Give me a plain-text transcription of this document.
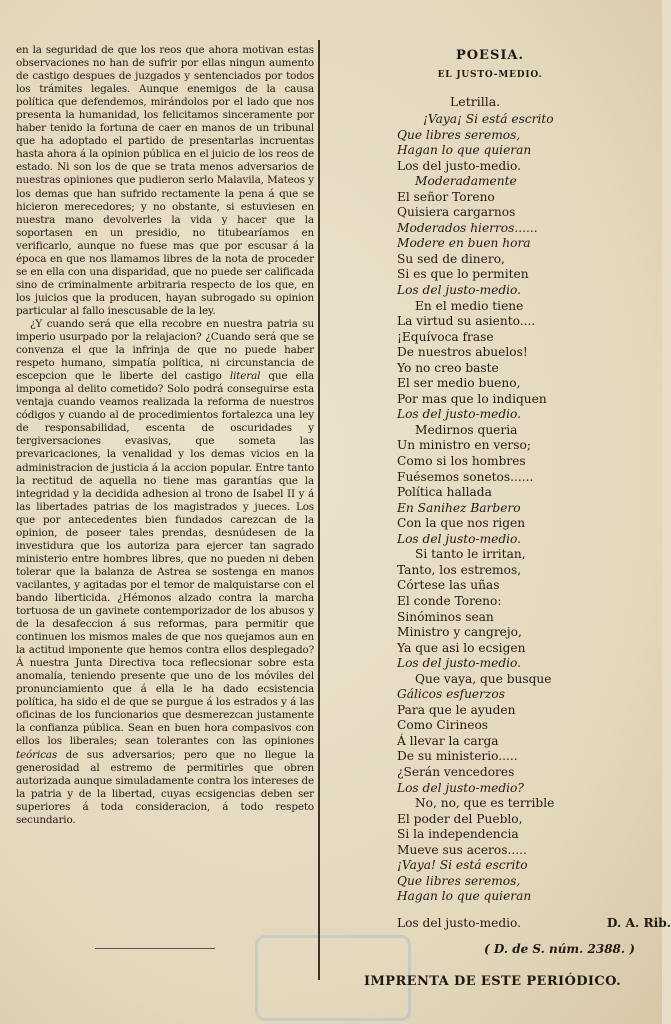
en la seguridad de que los reos que ahora motivan estas observaciones no han de sufrir por ellas ningun aumento de castigo despues de juzgados y sentenciados por todos los trámites legales. Aunque enemigos de la causa política que defendemos, mirándolos por el lado que nos presenta la humanidad, los felicitamos sinceramente por haber tenido la fortuna de caer en manos de un tribunal que ha adoptado el partido de presentarlas incruentas hasta ahora á la opinion pública en el juicio de los reos de estado. Ni son los de que se trata menos adversarios de nuestras opiniones que pudieron serlo Malavila, Mateos y los demas que han sufrido rectamente la pena á que se hicieron merecedores; y no obstante, si estuviesen en nuestra mano devolverles la vida y hacer que la soportasen en un presidio, no titubearíamos en verificarlo, aunque no fuese mas que por escusar á la época en que nos llamamos libres de la nota de proceder se en ella con una disparidad, que no puede ser calificada sino de criminalmente arbitraria respecto de los que, en los juicios que la producen, hayan subrogado su opinion particular al fallo inescusable de la ley.

¿Y cuando será que ella recobre en nuestra patria su imperio usurpado por la relajacion? ¿Cuando será que se convenza el que la infrinja de que no puede haber respeto humano, simpatía política, ni circunstancia de escepcion que le liberte del castigo literal que ella imponga al delito cometido? Solo podrá conseguirse esta ventaja cuando veamos realizada la reforma de nuestros códigos y cuando al de procedimientos fortalezca una ley de responsabilidad, escenta de oscuridades y tergiversaciones evasivas, que someta las prevaricaciones, la venalidad y los demas vicios en la administracion de justicia á la accion popular. Entre tanto la rectitud de aquella no tiene mas garantías que la integridad y la decidida adhesion al trono de Isabel II y á las libertades patrias de los magistrados y jueces. Los que por antecedentes bien fundados carezcan de la opinion, de poseer tales prendas, desnúdesen de la investidura que los autoriza para ejercer tan sagrado ministerio entre hombres libres, que no pueden ni deben tolerar que la balanza de Astrea se sostenga en manos vacilantes, y agitadas por el temor de malquistarse con el bando liberticida. ¿Hémonos alzado contra la marcha tortuosa de un gavinete contemporizador de los abusos y de la desafeccion á sus reformas, para permitir que continuen los mismos males de que nos quejamos aun en la actitud imponente que hemos contra ellos desplegado? Á nuestra Junta Directiva toca reflecsionar sobre esta anomalía, teniendo presente que uno de los móviles del pronunciamiento que á ella le ha dado ecsistencia política, ha sido el de que se purgue á los estrados y á las oficinas de los funcionarios que desmerezcan justamente la confianza pública. Sean en buen hora compasivos con ellos los liberales; sean tolerantes con las opiniones teóricas de sus adversarios; pero que no llegue la generosidad al estremo de permitirles que obren autorizada aunque simuladamente contra los intereses de la patria y de la libertad, cuyas ecsigencias deben ser superiores á toda consideracion, á todo respeto secundario.

POESIA.
EL JUSTO-MEDIO.
Letrilla.
¡Vaya¡ Si está escrito
Que libres seremos,
Hagan lo que quieran
Los del justo-medio.
Moderadamente
El señor Toreno
Quisiera cargarnos
Moderados hierros......
Modere en buen hora
Su sed de dinero,
Si es que lo permiten
Los del justo-medio.
En el medio tiene
La virtud su asiento....
¡Equívoca frase
De nuestros abuelos!
Yo no creo baste
El ser medio bueno,
Por mas que lo indiquen
Los del justo-medio.
Medirnos queria
Un ministro en verso;
Como si los hombres
Fuésemos sonetos......
Política hallada
En Sanihez Barbero
Con la que nos rigen
Los del justo-medio.
Si tanto le irritan,
Tanto, los estremos,
Córtese las uñas
El conde Toreno:
Sinóminos sean
Ministro y cangrejo,
Ya que asi lo ecsigen
Los del justo-medio.
Que vaya, que busque
Gálicos esfuerzos
Para que le ayuden
Como Cirineos
Á llevar la carga
De su ministerio.....
¿Serán vencedores
Los del justo-medio?
No, no, que es terrible
El poder del Pueblo,
Si la independencia
Mueve sus aceros.....
¡Vaya! Si está escrito
Que libres seremos,
Hagan lo que quieran
Los del justo-medio.	D. A. Rib.
( D. de S. núm. 2388. )
IMPRENTA DE ESTE PERIÓDICO.
